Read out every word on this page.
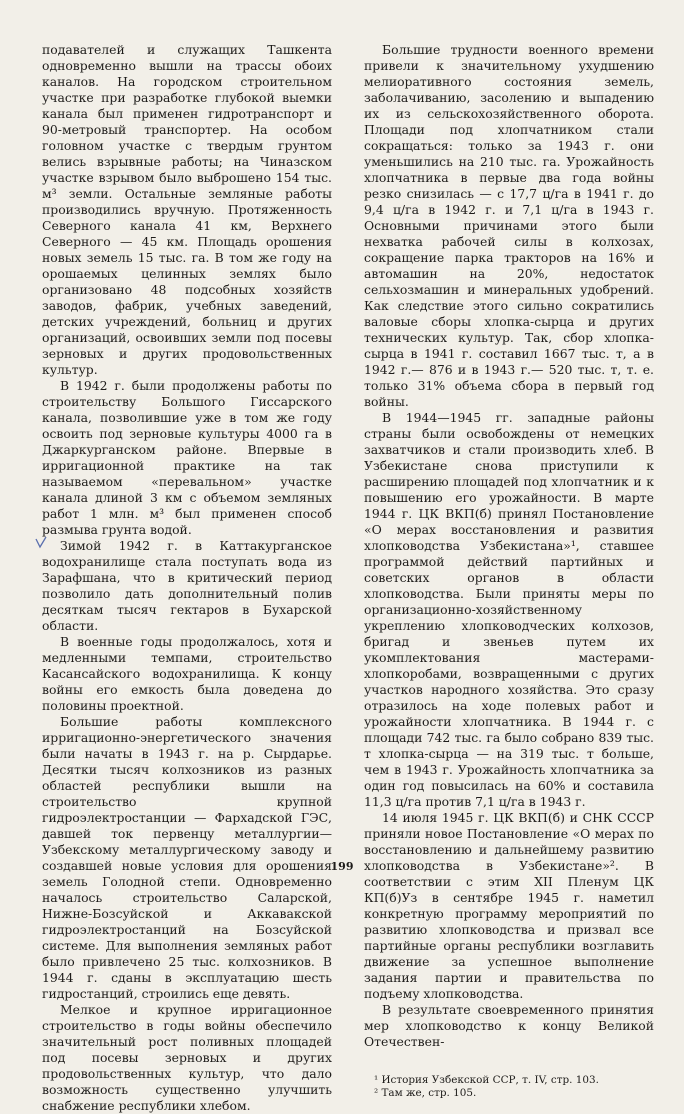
подавателей и служащих Ташкента одновременно вышли на трассы обоих каналов. На городском строительном участке при разработке глубокой выемки канала был применен гидротранспорт и 90-метровый транспортер. На особом головном участке с твердым грунтом велись взрывные работы; на Чиназском участке взрывом было выброшено 154 тыс. м³ земли. Остальные земляные работы производились вручную. Протяженность Северного канала 41 км, Верхнего Северного — 45 км. Площадь орошения новых земель 15 тыс. га. В том же году на орошаемых целинных землях было организовано 48 подсобных хозяйств заводов, фабрик, учебных заведений, детских учреждений, больниц и других организаций, освоивших земли под посевы зерновых и других продовольственных культур.

В 1942 г. были продолжены работы по строительству Большого Гиссарского канала, позволившие уже в том же году освоить под зерновые культуры 4000 га в Джаркурганском районе. Впервые в ирригационной практике на так называемом «перевальном» участке канала длиной 3 км с объемом земляных работ 1 млн. м³ был применен способ размыва грунта водой.

Зимой 1942 г. в Каттакурганское водохранилище стала поступать вода из Зарафшана, что в критический период позволило дать дополнительный полив десяткам тысяч гектаров в Бухарской области.

В военные годы продолжалось, хотя и медленными темпами, строительство Касансайского водохранилища. К концу войны его емкость была доведена до половины проектной.

Большие работы комплексного ирригационно-энергетического значения были начаты в 1943 г. на р. Сырдарье. Десятки тысяч колхозников из разных областей республики вышли на строительство крупной гидроэлектростанции — Фархадской ГЭС, давшей ток первенцу металлургии—Узбекскому металлургическому заводу и создавшей новые условия для орошения земель Голодной степи. Одновременно началось строительство Саларской, Нижне-Бозсуйской и Аккавакской гидроэлектростанций на Бозсуйской системе. Для выполнения земляных работ было привлечено 25 тыс. колхозников. В 1944 г. сданы в эксплуатацию шесть гидростанций, строились еще девять.

Мелкое и крупное ирригационное строительство в годы войны обеспечило значительный рост поливных площадей под посевы зерновых и других продовольственных культур, что дало возможность существенно улучшить снабжение республики хлебом.

Большие трудности военного времени привели к значительному ухудшению мелиоративного состояния земель, заболачиванию, засолению и выпадению их из сельскохозяйственного оборота. Площади под хлопчатником стали сокращаться: только за 1943 г. они уменьшились на 210 тыс. га. Урожайность хлопчатника в первые два года войны резко снизилась — с 17,7 ц/га в 1941 г. до 9,4 ц/га в 1942 г. и 7,1 ц/га в 1943 г. Основными причинами этого были нехватка рабочей силы в колхозах, сокращение парка тракторов на 16% и автомашин на 20%, недостаток сельхозмашин и минеральных удобрений. Как следствие этого сильно сократились валовые сборы хлопка-сырца и других технических культур. Так, сбор хлопка-сырца в 1941 г. составил 1667 тыс. т, а в 1942 г.— 876 и в 1943 г.— 520 тыс. т, т. е. только 31% объема сбора в первый год войны.

В 1944—1945 гг. западные районы страны были освобождены от немецких захватчиков и стали производить хлеб. В Узбекистане снова приступили к расширению площадей под хлопчатник и к повышению его урожайности. В марте 1944 г. ЦК ВКП(б) принял Постановление «О мерах восстановления и развития хлопководства Узбекистана»¹, ставшее программой действий партийных и советских органов в области хлопководства. Были приняты меры по организационно-хозяйственному укреплению хлопководческих колхозов, бригад и звеньев путем их укомплектования мастерами-хлопкоробами, возвращенными с других участков народного хозяйства. Это сразу отразилось на ходе полевых работ и урожайности хлопчатника. В 1944 г. с площади 742 тыс. га было собрано 839 тыс. т хлопка-сырца — на 319 тыс. т больше, чем в 1943 г. Урожайность хлопчатника за один год повысилась на 60% и составила 11,3 ц/га против 7,1 ц/га в 1943 г.

14 июля 1945 г. ЦК ВКП(б) и СНК СССР приняли новое Постановление «О мерах по восстановлению и дальнейшему развитию хлопководства в Узбекистане»². В соответствии с этим XII Пленум ЦК КП(б)Уз в сентябре 1945 г. наметил конкретную программу мероприятий по развитию хлопководства и призвал все партийные органы республики возглавить движение за успешное выполнение задания партии и правительства по подъему хлопководства.

В результате своевременного принятия мер хлопководство к концу Великой Отечествен-

¹ История Узбекской ССР, т. IV, стр. 103.
² Там же, стр. 105.
199
